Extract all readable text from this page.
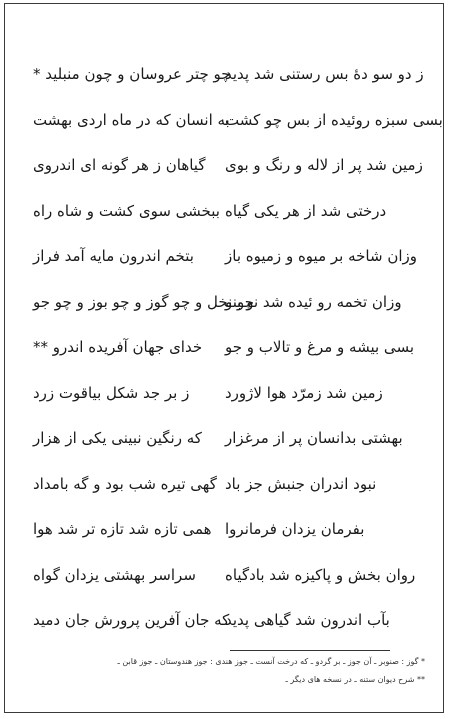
ز دو سو دهٔ بس رستنی شد پدید
چو چتر عروسان و چون منبلید *
بسی سبزه روئیده از بس چو کشت
به انسان که در ماه اردی بهشت
زمین شد پر از لاله و رنگ و بوی
گیاهان ز هر گونه ای اندروی
درختی شد از هر یکی گیاه
ببخشی سوی کشت و شاه راه
وزان شاخه بر میوه و زمیوه باز
بتخم اندرون مایه آمد فراز
وزان تخمه رو ئیده شد نو بنو
چو نخل و چو گوز و چو بوز و چو جو
بسی بیشه و مرغ و تالاب و جو
خدای جهان آفریده اندرو **
زمین شد زمرّد هوا لاژورد
ز بر جد شکل بیاقوت زرد
بهشتی بدانسان پر از مرغزار
که رنگین نبینی یکی از هزار
نبود اندران جنبش جز باد
گهی تیره شب بود و گه بامداد
بفرمان یزدان فرمانروا
همی تازه شد تازه تر شد هوا
روان بخش و پاکیزه شد بادگیاه
سراسر بهشتی یزدان گواه
بآب اندرون شد گیاهی پدید
که جان آفرین پرورش جان دمید
* گوز : صنوبر ـ آن جوز ـ بر گردو ـ که درخت آنست ـ جوز هندی : جوز هندوستان ـ جوز قابن ـ
** شرح دیوان ستنه ـ در نسخه های دیگر ـ
